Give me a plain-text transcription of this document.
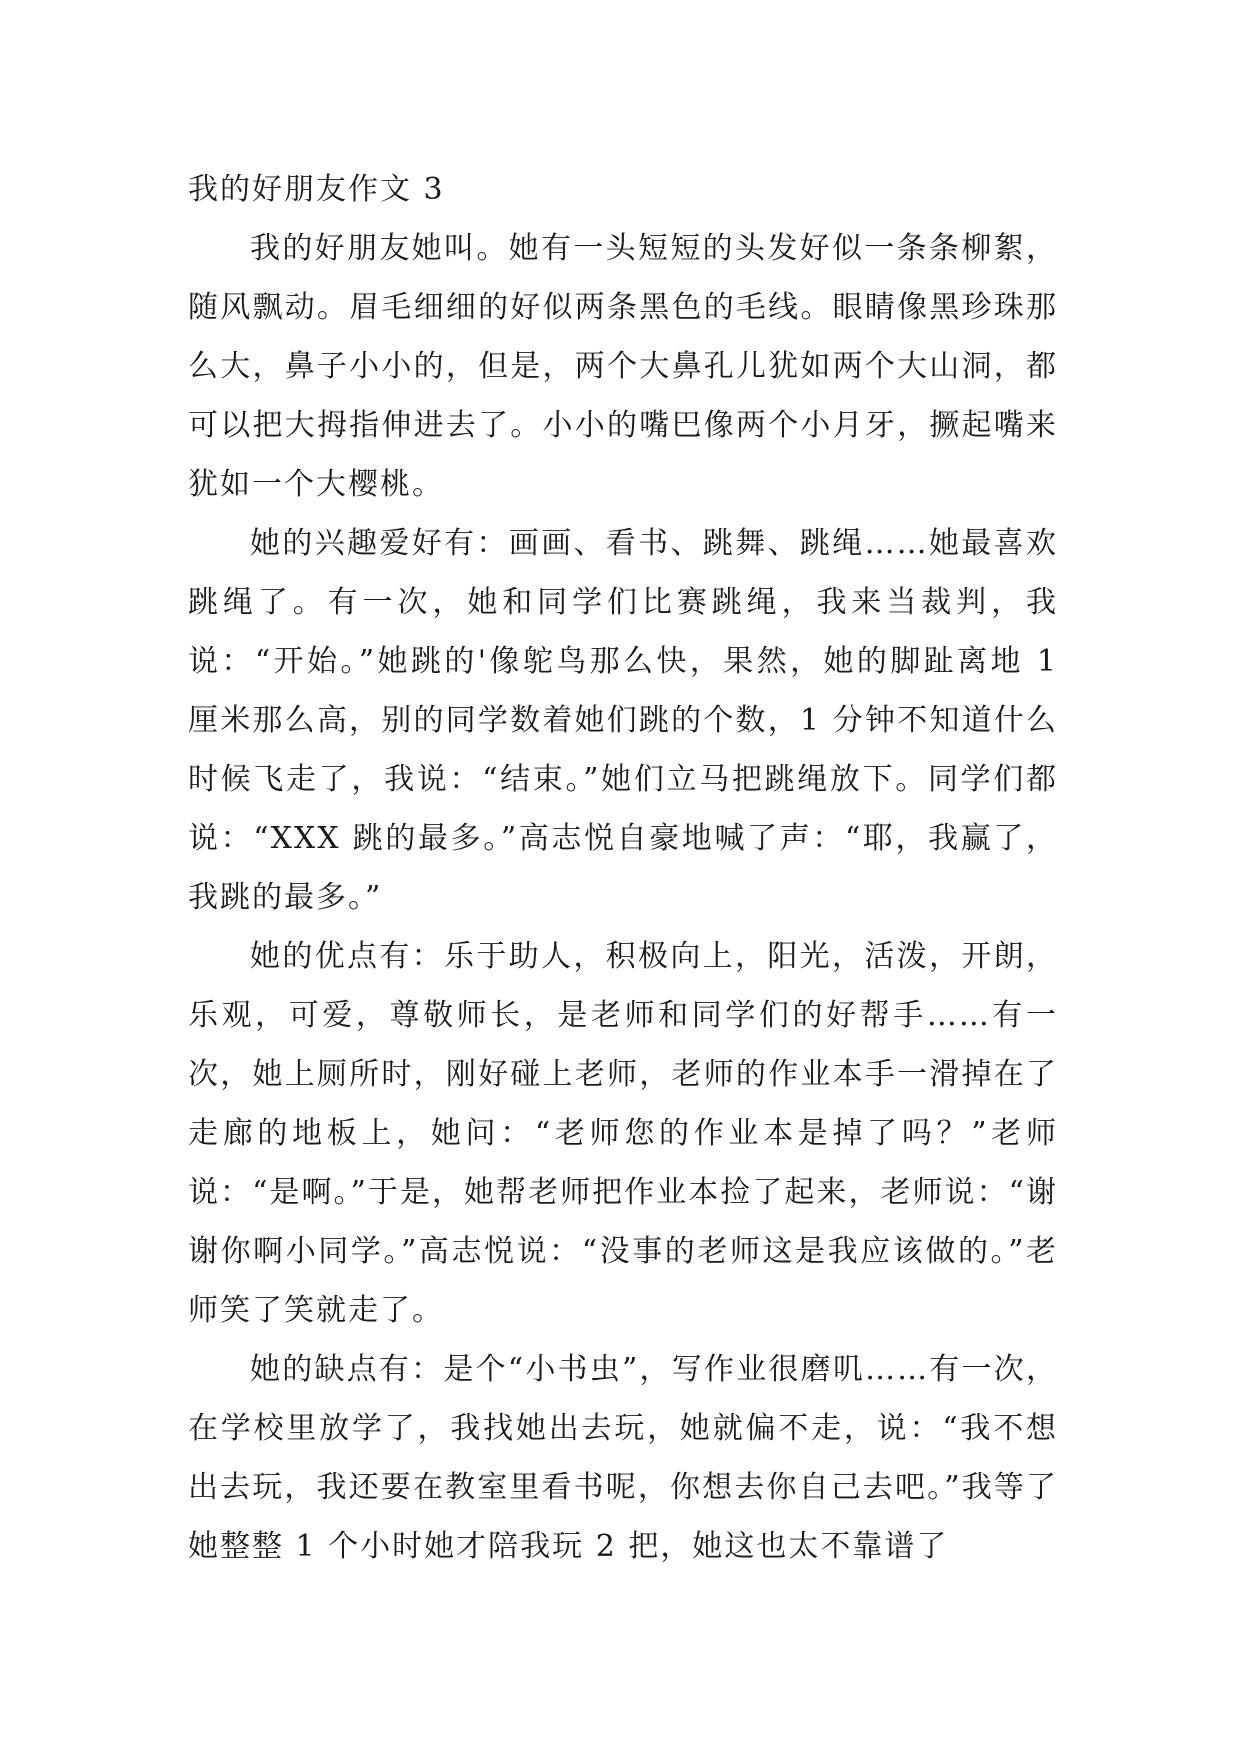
我的好朋友作文 3

我的好朋友她叫。她有一头短短的头发好似一条条柳絮，随风飘动。眉毛细细的好似两条黑色的毛线。眼睛像黑珍珠那么大，鼻子小小的，但是，两个大鼻孔儿犹如两个大山洞，都可以把大拇指伸进去了。小小的嘴巴像两个小月牙，撅起嘴来犹如一个大樱桃。

她的兴趣爱好有：画画、看书、跳舞、跳绳……她最喜欢跳绳了。有一次，她和同学们比赛跳绳，我来当裁判，我说：“开始。”她跳的'像鸵鸟那么快，果然，她的脚趾离地 1 厘米那么高，别的同学数着她们跳的个数，1 分钟不知道什么时候飞走了，我说：“结束。”她们立马把跳绳放下。同学们都说：“XXX 跳的最多。”高志悦自豪地喊了声：“耶，我赢了，我跳的最多。”

她的优点有：乐于助人，积极向上，阳光，活泼，开朗，乐观，可爱，尊敬师长，是老师和同学们的好帮手……有一次，她上厕所时，刚好碰上老师，老师的作业本手一滑掉在了走廊的地板上，她问：“老师您的作业本是掉了吗？”老师说：“是啊。”于是，她帮老师把作业本捡了起来，老师说：“谢谢你啊小同学。”高志悦说：“没事的老师这是我应该做的。”老师笑了笑就走了。

她的缺点有：是个“小书虫”，写作业很磨叽……有一次，在学校里放学了，我找她出去玩，她就偏不走，说：“我不想出去玩，我还要在教室里看书呢，你想去你自己去吧。”我等了她整整 1 个小时她才陪我玩 2 把，她这也太不靠谱了
